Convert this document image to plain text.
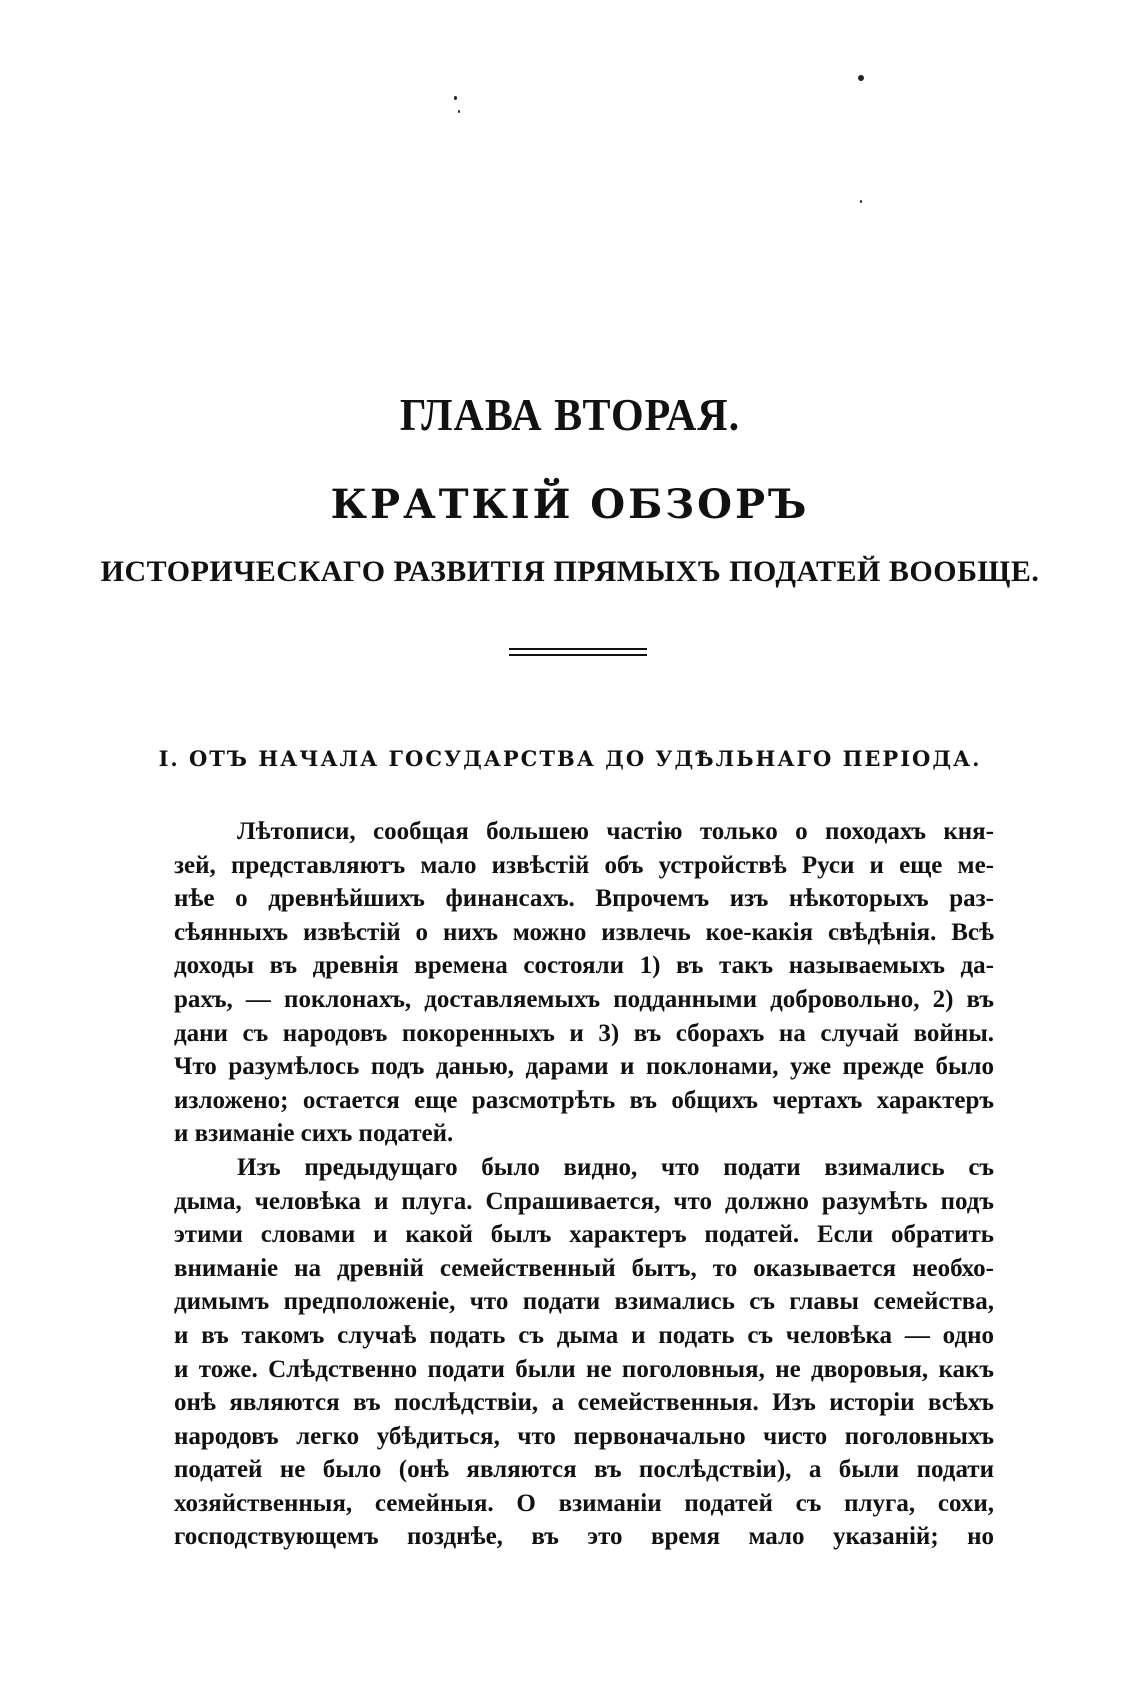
ГЛАВА ВТОРАЯ.
КРАТКІЙ ОБЗОРЪ
ИСТОРИЧЕСКАГО РАЗВИТІЯ ПРЯМЫХЪ ПОДАТЕЙ ВООБЩЕ.
I. ОТЪ НАЧАЛА ГОСУДАРСТВА ДО УДѢЛЬНАГО ПЕРІОДА.
Лѣтописи, сообщая большею частію только о походахъ кня-
зей, представляютъ мало извѣстій объ устройствѣ Руси и еще ме-
нѣе о древнѣйшихъ финансахъ. Впрочемъ изъ нѣкоторыхъ раз-
сѣянныхъ извѣстій о нихъ можно извлечь кое-какія свѣдѣнія. Всѣ
доходы въ древнія времена состояли 1) въ такъ называемыхъ да-
рахъ, — поклонахъ, доставляемыхъ подданными добровольно, 2) въ
дани съ народовъ покоренныхъ и 3) въ сборахъ на случай войны.
Что разумѣлось подъ данью, дарами и поклонами, уже прежде было
изложено; остается еще разсмотрѣть въ общихъ чертахъ характеръ
и взиманіе сихъ податей.
Изъ предыдущаго было видно, что подати взимались съ
дыма, человѣка и плуга. Спрашивается, что должно разумѣть подъ
этими словами и какой былъ характеръ податей. Если обратить
вниманіе на древній семейственный бытъ, то оказывается необхо-
димымъ предположеніе, что подати взимались съ главы семейства,
и въ такомъ случаѣ подать съ дыма и подать съ человѣка — одно
и тоже. Слѣдственно подати были не поголовныя, не дворовыя, какъ
онѣ являются въ послѣдствіи, а семейственныя. Изъ исторіи всѣхъ
народовъ легко убѣдиться, что первоначально чисто поголовныхъ
податей не было (онѣ являются въ послѣдствіи), а были подати
хозяйственныя, семейныя. О взиманіи податей съ плуга, сохи,
господствующемъ позднѣе, въ это время мало указаній; но
